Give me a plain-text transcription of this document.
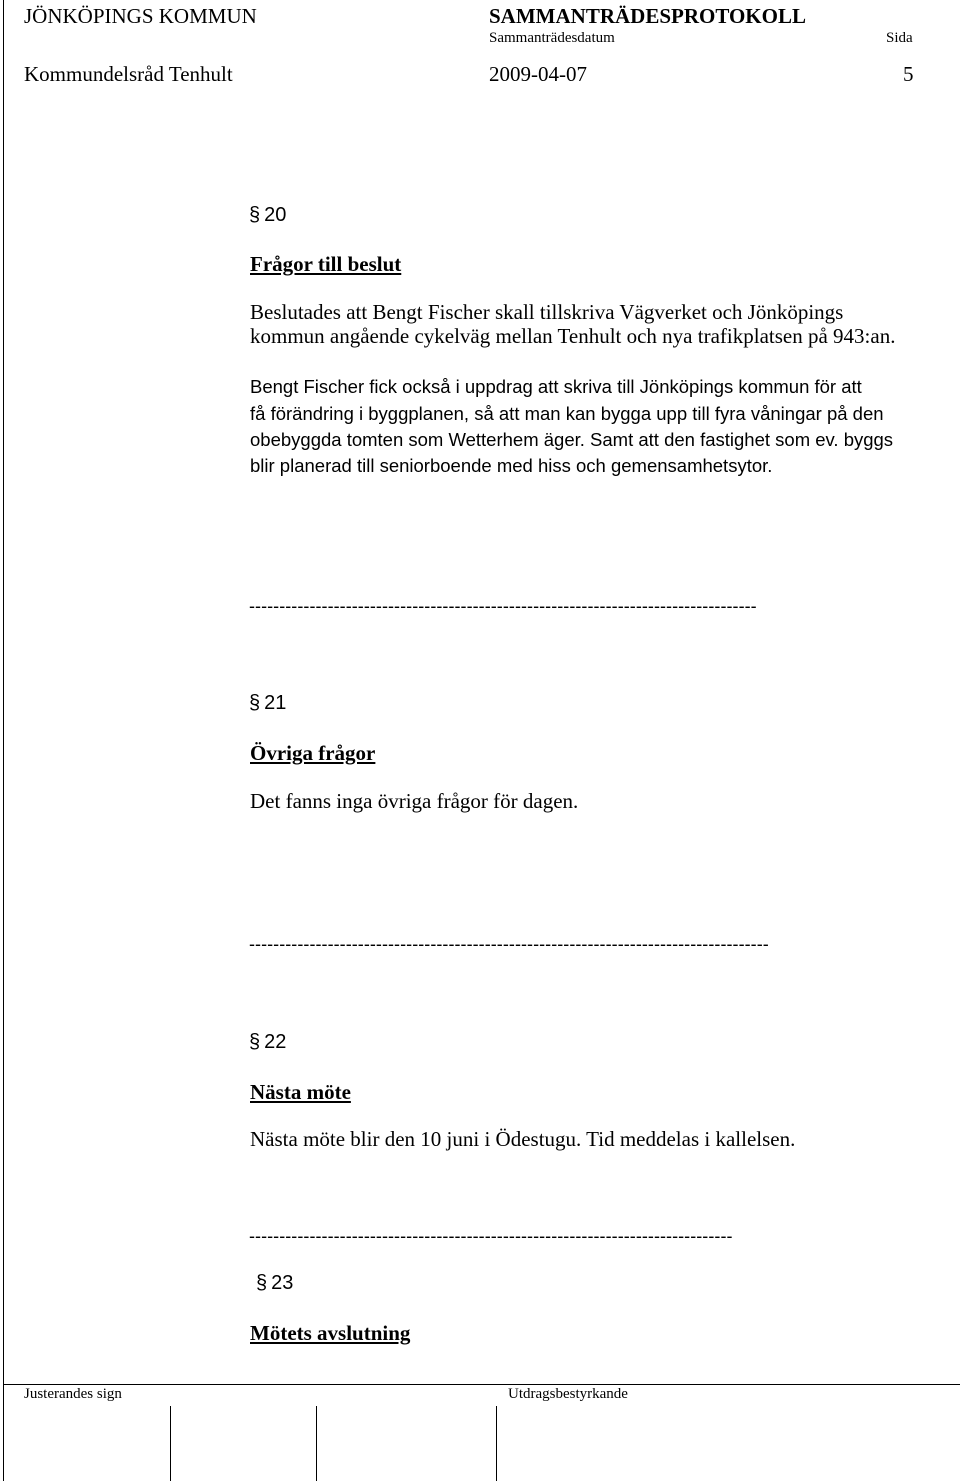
JÖNKÖPINGS KOMMUN	SAMMANTRÄDESPROTOKOLL
Sammanträdesdatum	Sida
Kommundelsråd Tenhult	2009-04-07	5
§ 20
Frågor till beslut
Beslutades att Bengt Fischer skall tillskriva Vägverket och Jönköpings
kommun angående cykelväg mellan Tenhult och nya trafikplatsen på 943:an.
Bengt Fischer fick också i uppdrag att skriva till Jönköpings kommun för att
få förändring i byggplanen, så att man kan bygga upp till fyra våningar på den
obebyggda tomten som Wetterhem äger. Samt att den fastighet som ev. byggs
blir planerad till seniorboende med hiss och gemensamhetsytor.
------------------------------------------------------------------------------------
§ 21
Övriga frågor
Det fanns inga övriga frågor för dagen.
--------------------------------------------------------------------------------------
§ 22
Nästa möte
Nästa möte blir den 10 juni i Ödestugu. Tid meddelas i kallelsen.
--------------------------------------------------------------------------------
§ 23
Mötets avslutning
Justerandes sign	Utdragsbestyrkande
